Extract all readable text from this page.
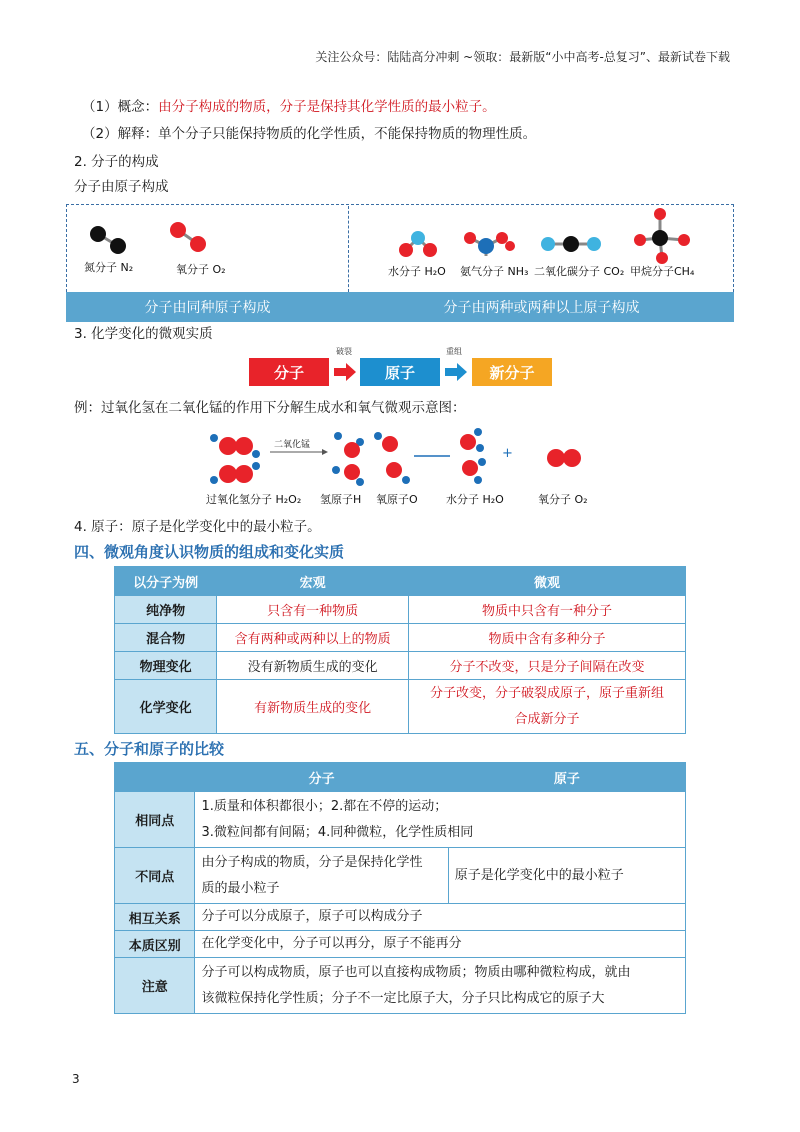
关注公众号：陆陆高分冲刺 ~领取：最新版“小中高考-总复习”、最新试卷下载
（1）概念：由分子构成的物质，分子是保持其化学性质的最小粒子。
（2）解释：单个分子只能保持物质的化学性质，不能保持物质的物理性质。
2. 分子的构成
分子由原子构成
氮分子 N₂	氧分子 O₂	水分子 H₂O 氨气分子 NH₃ 二氧化碳分子 CO₂ 甲烷分子CH₄
分子由同种原子构成	分子由两种或两种以上原子构成
3. 化学变化的微观实质
分子
破裂
原子
重组
新分子
例：过氧化氢在二氧化锰的作用下分解生成水和氧气微观示意图：
二氧化锰
+
过氧化氢分子 H₂O₂ 氢原子H 氧原子O	水分子 H₂O	氧分子 O₂
4. 原子：原子是化学变化中的最小粒子。
四、微观角度认识物质的组成和变化实质
以分子为例	宏观	微观
纯净物	只含有一种物质	物质中只含有一种分子
混合物	含有两种或两种以上的物质	物质中含有多种分子
物理变化	没有新物质生成的变化	分子不改变，只是分子间隔在改变
化学变化	有新物质生成的变化	分子改变，分子破裂成原子，原子重新组
合成新分子
五、分子和原子的比较
	分子	原子
相同点	1.质量和体积都很小；2.都在不停的运动；
3.微粒间都有间隔；4.同种微粒，化学性质相同	

不同点	由分子构成的物质，分子是保持化学性
质的最小粒子	原子是化学变化中的最小粒子
相互关系	分子可以分成原子，原子可以构成分子	
本质区别	在化学变化中，分子可以再分，原子不能再分	
注意	分子可以构成物质，原子也可以直接构成物质；物质由哪种微粒构成，就由
该微粒保持化学性质；分子不一定比原子大，分子只比构成它的原子大	
3
